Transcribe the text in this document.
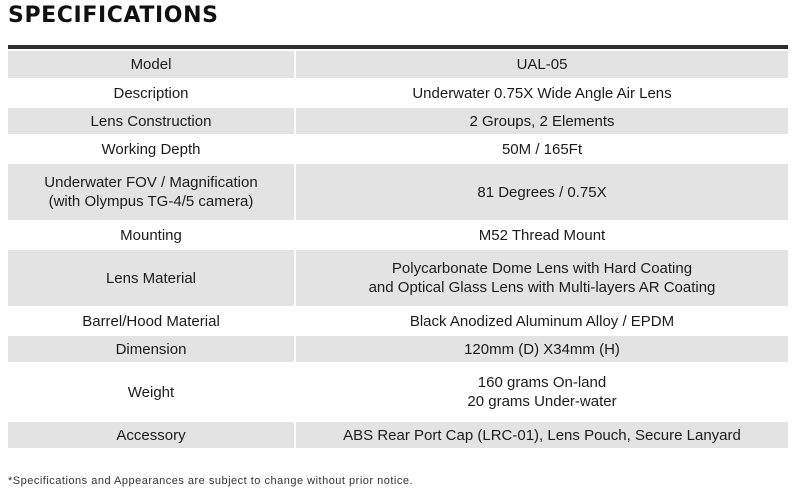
SPECIFICATIONS
Model	UAL-05

Description	Underwater 0.75X Wide Angle Air Lens

Lens Construction	2 Groups, 2 Elements

Working Depth	50M / 165Ft

Underwater FOV / Magnification
(with Olympus TG-4/5 camera)	81 Degrees / 0.75X

Mounting	M52 Thread Mount

Lens Material	Polycarbonate Dome Lens with Hard Coating
and Optical Glass Lens with Multi-layers AR Coating

Barrel/Hood Material	Black Anodized Aluminum Alloy / EPDM

Dimension	120mm (D) X34mm (H)

Weight	160 grams On-land
20 grams Under-water

Accessory	ABS Rear Port Cap (LRC-01), Lens Pouch, Secure Lanyard
*Specifications and Appearances are subject to change without prior notice.
